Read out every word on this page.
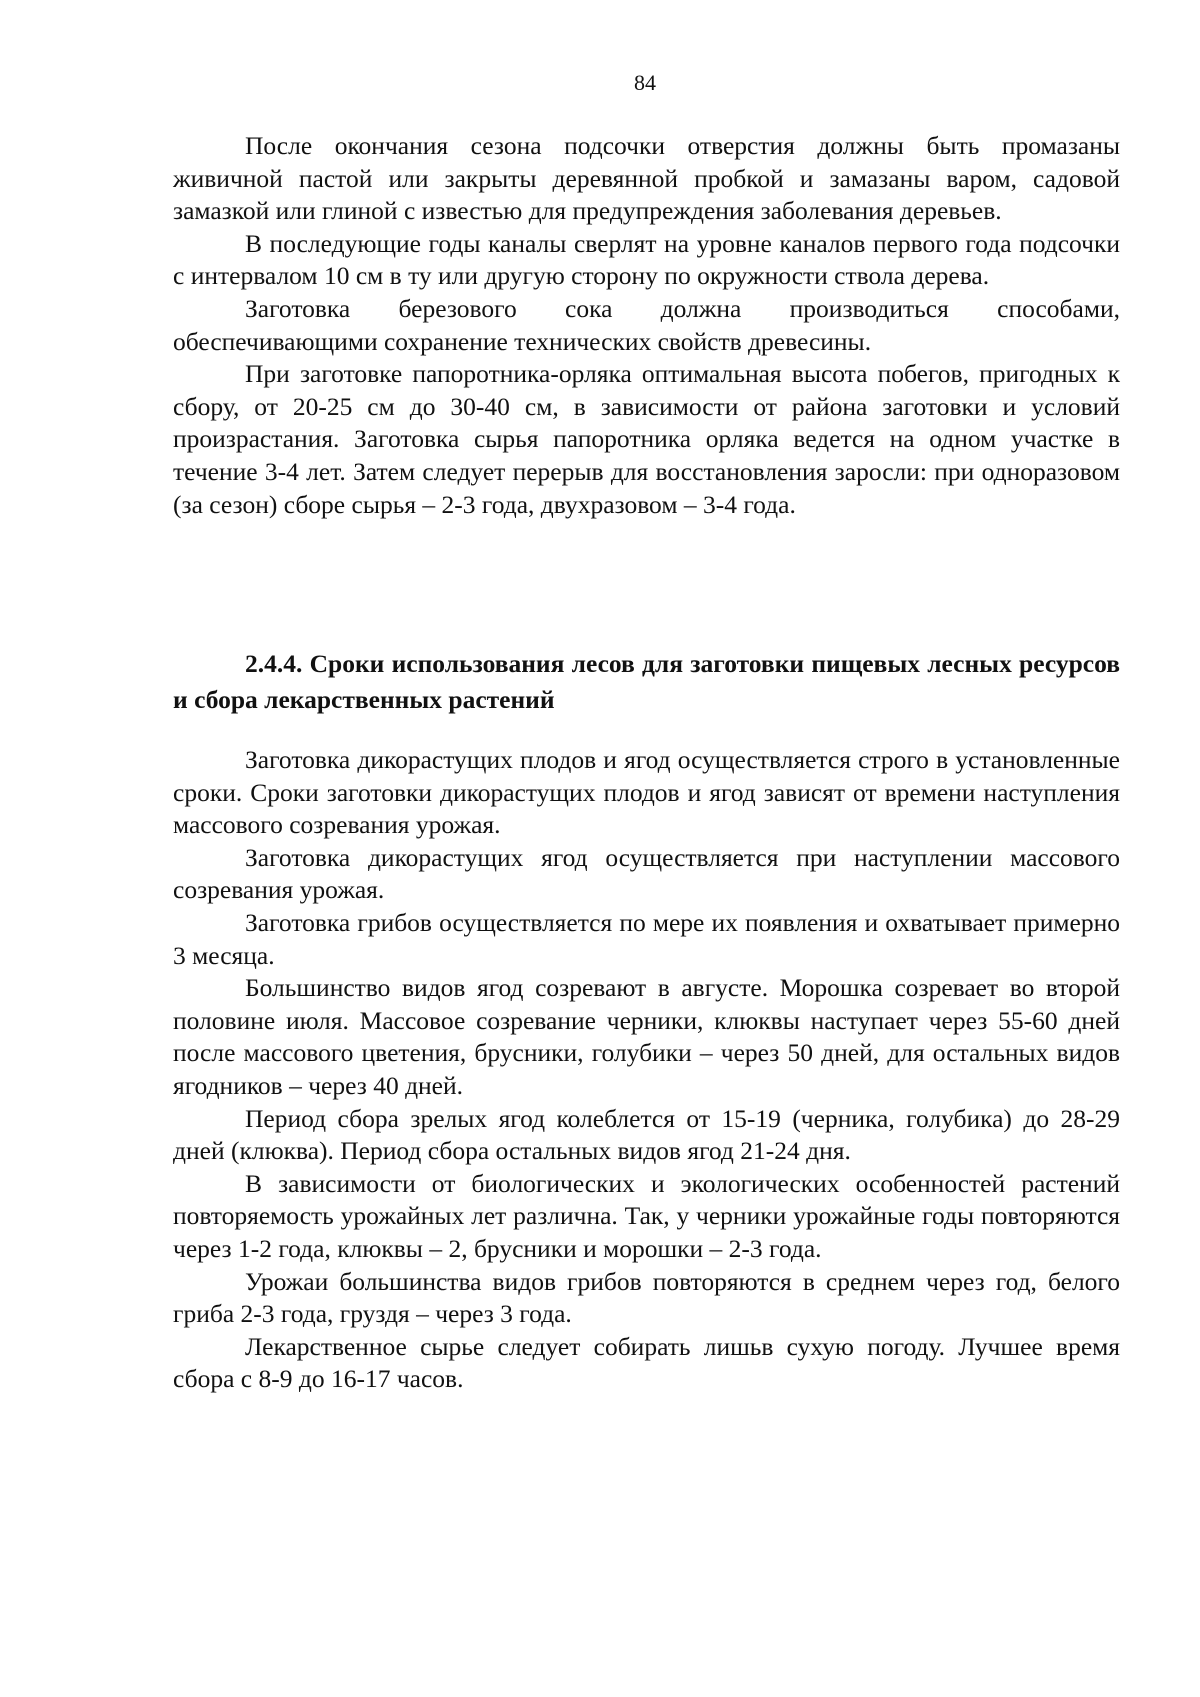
84

После окончания сезона подсочки отверстия должны быть промазаны живичной пастой или закрыты деревянной пробкой и замазаны варом, садовой замазкой или глиной с известью для предупреждения заболевания деревьев.

В последующие годы каналы сверлят на уровне каналов первого года подсочки с интервалом 10 см в ту или другую сторону по окружности ствола дерева.

Заготовка березового сока должна производиться способами, обеспечивающими сохранение технических свойств древесины.

При заготовке папоротника-орляка оптимальная высота побегов, пригодных к сбору, от 20-25 см до 30-40 см, в зависимости от района заготовки и условий произрастания. Заготовка сырья папоротника орляка ведется на одном участке в течение 3-4 лет. Затем следует перерыв для восстановления заросли: при одноразовом (за сезон) сборе сырья – 2-3 года, двухразовом – 3-4 года.

2.4.4. Сроки использования лесов для заготовки пищевых лесных ресурсов и сбора лекарственных растений

Заготовка дикорастущих плодов и ягод осуществляется строго в установленные сроки. Сроки заготовки дикорастущих плодов и ягод зависят от времени наступления массового созревания урожая.

Заготовка дикорастущих ягод осуществляется при наступлении массового созревания урожая.

Заготовка грибов осуществляется по мере их появления и охватывает примерно 3 месяца.

Большинство видов ягод созревают в августе. Морошка созревает во второй половине июля. Массовое созревание черники, клюквы наступает через 55-60 дней после массового цветения, брусники, голубики – через 50 дней, для остальных видов ягодников – через 40 дней.

Период сбора зрелых ягод колеблется от 15-19 (черника, голубика) до 28-29 дней (клюква). Период сбора остальных видов ягод 21-24 дня.

В зависимости от биологических и экологических особенностей растений повторяемость урожайных лет различна. Так, у черники урожайные годы повторяются через 1-2 года, клюквы – 2, брусники и морошки – 2-3 года.

Урожаи большинства видов грибов повторяются в среднем через год, белого гриба 2-3 года, груздя – через 3 года.

Лекарственное сырье следует собирать лишьв сухую погоду. Лучшее время сбора с 8-9 до 16-17 часов.
